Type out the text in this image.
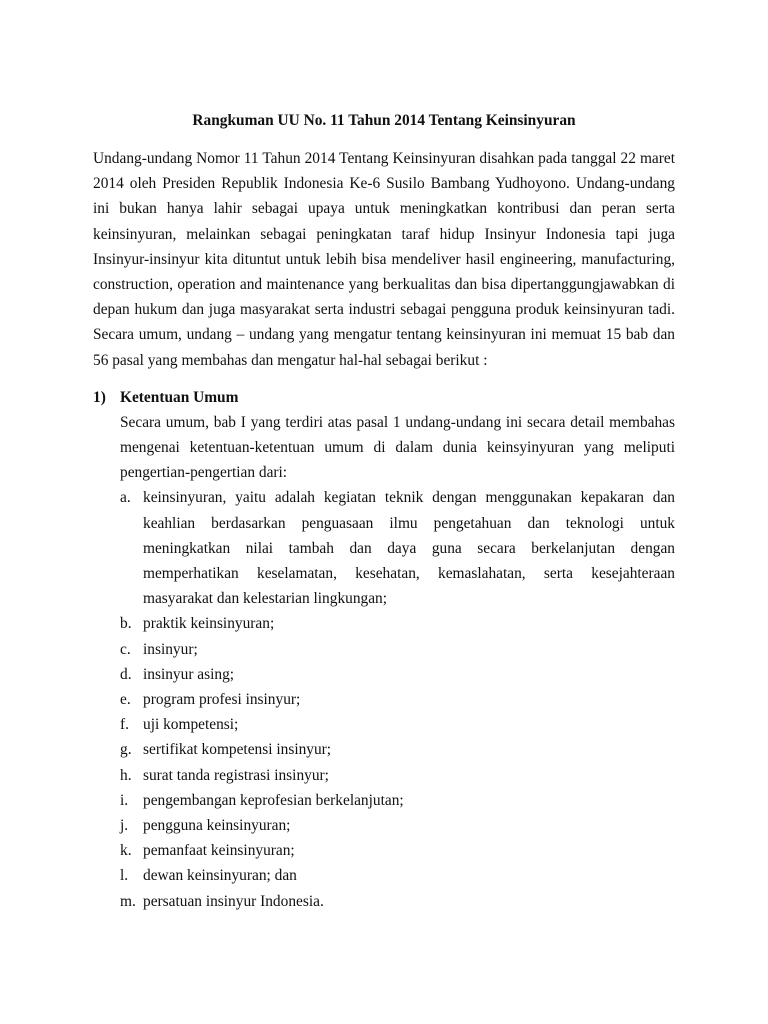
Rangkuman UU No. 11 Tahun 2014 Tentang Keinsinyuran

Undang-undang Nomor 11 Tahun 2014 Tentang Keinsinyuran disahkan pada tanggal 22 maret 2014 oleh Presiden Republik Indonesia Ke-6 Susilo Bambang Yudhoyono. Undang-undang ini bukan hanya lahir sebagai upaya untuk meningkatkan kontribusi dan peran serta keinsinyuran, melainkan sebagai peningkatan taraf hidup Insinyur Indonesia tapi juga Insinyur-insinyur kita dituntut untuk lebih bisa mendeliver hasil engineering, manufacturing, construction, operation and maintenance yang berkualitas dan bisa dipertanggungjawabkan di depan hukum dan juga masyarakat serta industri sebagai pengguna produk keinsinyuran tadi. Secara umum, undang – undang yang mengatur tentang keinsinyuran ini memuat 15 bab dan 56 pasal yang membahas dan mengatur hal-hal sebagai berikut :

1) Ketentuan Umum

Secara umum, bab I yang terdiri atas pasal 1 undang-undang ini secara detail membahas mengenai ketentuan-ketentuan umum di dalam dunia keinsyinyuran yang meliputi pengertian-pengertian dari:

a. keinsinyuran, yaitu adalah kegiatan teknik dengan menggunakan kepakaran dan keahlian berdasarkan penguasaan ilmu pengetahuan dan teknologi untuk meningkatkan nilai tambah dan daya guna secara berkelanjutan dengan memperhatikan keselamatan, kesehatan, kemaslahatan, serta kesejahteraan masyarakat dan kelestarian lingkungan;
b. praktik keinsinyuran;
c. insinyur;
d. insinyur asing;
e. program profesi insinyur;
f. uji kompetensi;
g. sertifikat kompetensi insinyur;
h. surat tanda registrasi insinyur;
i. pengembangan keprofesian berkelanjutan;
j. pengguna keinsinyuran;
k. pemanfaat keinsinyuran;
l. dewan keinsinyuran; dan
m. persatuan insinyur Indonesia.
